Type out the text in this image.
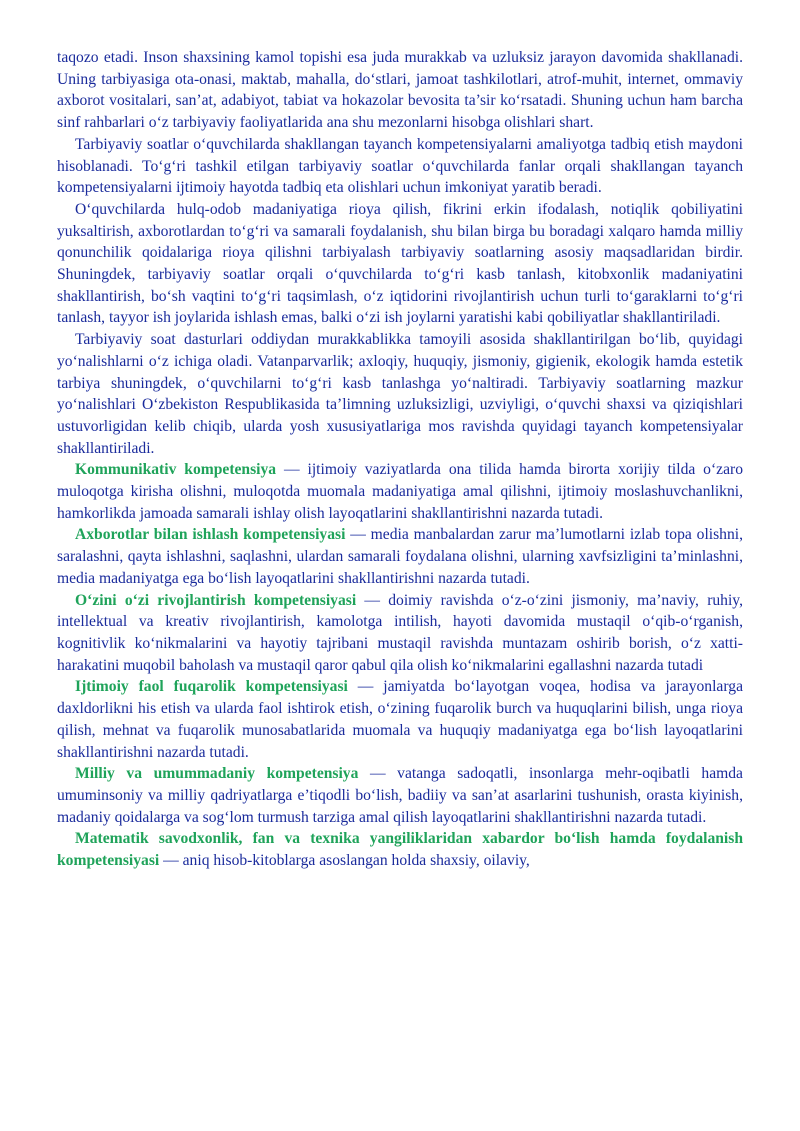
taqozo etadi. Inson shaxsining kamol topishi esa juda murakkab va uzluksiz jarayon davomida shakllanadi. Uning tarbiyasiga ota-onasi, maktab, mahalla, do‘stlari, jamoat tashkilotlari, atrof-muhit, internet, ommaviy axborot vositalari, san’at, adabiyot, tabiat va hokazolar bevosita ta’sir ko‘rsatadi. Shuning uchun ham barcha sinf rahbarlari o‘z tarbiyaviy faoliyatlarida ana shu mezonlarni hisobga olishlari shart.

Tarbiyaviy soatlar o‘quvchilarda shakllangan tayanch kompetensiyalarni amaliyotga tadbiq etish maydoni hisoblanadi. To‘g‘ri tashkil etilgan tarbiyaviy soatlar o‘quvchilarda fanlar orqali shakllangan tayanch kompetensiyalarni ijtimoiy hayotda tadbiq eta olishlari uchun imkoniyat yaratib beradi.

O‘quvchilarda hulq-odob madaniyatiga rioya qilish, fikrini erkin ifodalash, notiqlik qobiliyatini yuksaltirish, axborotlardan to‘g‘ri va samarali foydalanish, shu bilan birga bu boradagi xalqaro hamda milliy qonunchilik qoidalariga rioya qilishni tarbiyalash tarbiyaviy soatlarning asosiy maqsadlaridan birdir. Shuningdek, tarbiyaviy soatlar orqali o‘quvchilarda to‘g‘ri kasb tanlash, kitobxonlik madaniyatini shakllantirish, bo‘sh vaqtini to‘g‘ri taqsimlash, o‘z iqtidorini rivojlantirish uchun turli to‘garaklarni to‘g‘ri tanlash, tayyor ish joylarida ishlash emas, balki o‘zi ish joylarni yaratishi kabi qobiliyatlar shakllantiriladi.

Tarbiyaviy soat dasturlari oddiydan murakkablikka tamoyili asosida shakllantirilgan bo‘lib, quyidagi yo‘nalishlarni o‘z ichiga oladi. Vatanparvarlik; axloqiy, huquqiy, jismoniy, gigienik, ekologik hamda estetik tarbiya shuningdek, o‘quvchilarni to‘g‘ri kasb tanlashga yo‘naltiradi. Tarbiyaviy soatlarning mazkur yo‘nalishlari O‘zbekiston Respublikasida ta’limning uzluksizligi, uzviyligi, o‘quvchi shaxsi va qiziqishlari ustuvorligidan kelib chiqib, ularda yosh xususiyatlariga mos ravishda quyidagi tayanch kompetensiyalar shakllantiriladi.

Kommunikativ kompetensiya — ijtimoiy vaziyatlarda ona tilida hamda birorta xorijiy tilda o‘zaro muloqotga kirisha olishni, muloqotda muomala madaniyatiga amal qilishni, ijtimoiy moslashuvchanlikni, hamkorlikda jamoada samarali ishlay olish layoqatlarini shakllantirishni nazarda tutadi.

Axborotlar bilan ishlash kompetensiyasi — media manbalardan zarur ma’lumotlarni izlab topa olishni, saralashni, qayta ishlashni, saqlashni, ulardan samarali foydalana olishni, ularning xavfsizligini ta’minlashni, media madaniyatga ega bo‘lish layoqatlarini shakllantirishni nazarda tutadi.

O‘zini o‘zi rivojlantirish kompetensiyasi — doimiy ravishda o‘z-o‘zini jismoniy, ma’naviy, ruhiy, intellektual va kreativ rivojlantirish, kamolotga intilish, hayoti davomida mustaqil o‘qib-o‘rganish, kognitivlik ko‘nikmalarini va hayotiy tajribani mustaqil ravishda muntazam oshirib borish, o‘z xatti-harakatini muqobil baholash va mustaqil qaror qabul qila olish ko‘nikmalarini egallashni nazarda tutadi

Ijtimoiy faol fuqarolik kompetensiyasi — jamiyatda bo‘layotgan voqea, hodisa va jarayonlarga daxldorlikni his etish va ularda faol ishtirok etish, o‘zining fuqarolik burch va huquqlarini bilish, unga rioya qilish, mehnat va fuqarolik munosabatlarida muomala va huquqiy madaniyatga ega bo‘lish layoqatlarini shakllantirishni nazarda tutadi.

Milliy va umummadaniy kompetensiya — vatanga sadoqatli, insonlarga mehr-oqibatli hamda umuminsoniy va milliy qadriyatlarga e’tiqodli bo‘lish, badiiy va san’at asarlarini tushunish, orasta kiyinish, madaniy qoidalarga va sog‘lom turmush tarziga amal qilish layoqatlarini shakllantirishni nazarda tutadi.

Matematik savodxonlik, fan va texnika yangiliklaridan xabardor bo‘lish hamda foydalanish kompetensiyasi — aniq hisob-kitoblarga asoslangan holda shaxsiy, oilaviy,
